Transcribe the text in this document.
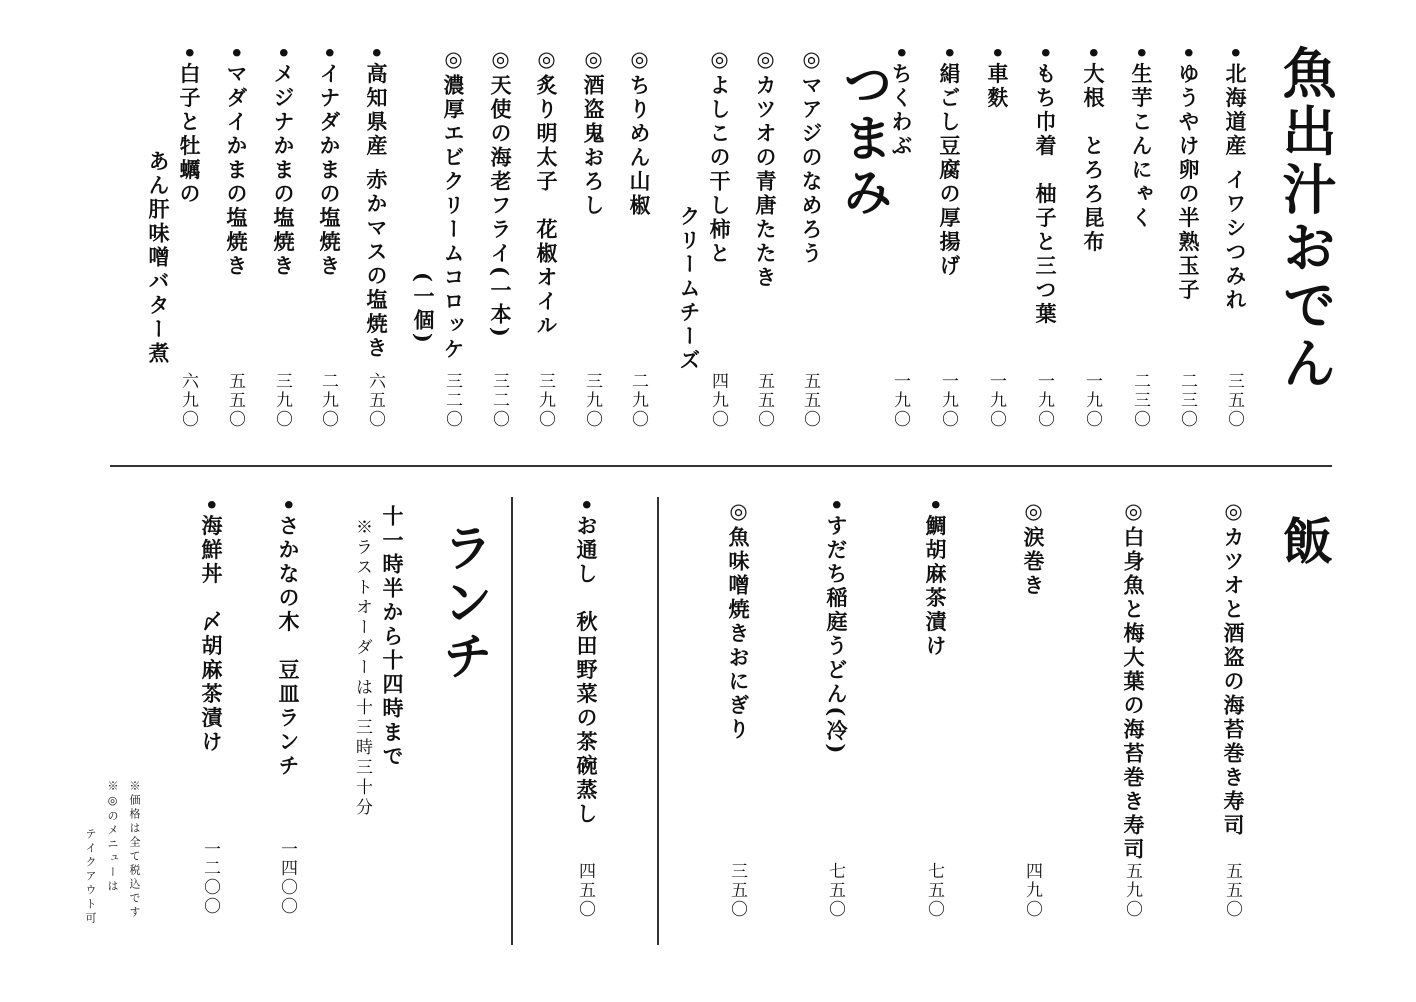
魚出汁おでん
つまみ
飯
ランチ
•北海道産 イワシつみれ
三五〇
•ゆうやけ卵の半熟玉子
二三〇
•生芋こんにゃく
二三〇
•大根　とろろ昆布
一九〇
•もち巾着　柚子と三つ葉
一九〇
•車麩
一九〇
•絹ごし豆腐の厚揚げ
一九〇
•ちくわぶ
一九〇
◎マアジのなめろう
五五〇
◎カツオの青唐たたき
五五〇
◎よしこの干し柿と
クリームチーズ
四九〇
◎ちりめん山椒
二九〇
◎酒盗鬼おろし
三九〇
◎炙り明太子　花椒オイル
三九〇
◎天使の海老フライ(一本)
三二〇
◎濃厚エビクリームコロッケ
(一個)
三二〇
•高知県産 赤かマスの塩焼き
六五〇
•イナダかまの塩焼き
二九〇
•メジナかまの塩焼き
三九〇
•マダイかまの塩焼き
五五〇
•白子と牡蠣の
あん肝味噌バター煮
六九〇
◎カツオと酒盗の海苔巻き寿司
五五〇
◎白身魚と梅大葉の海苔巻き寿司
五九〇
◎涙巻き
四九〇
•鯛胡麻茶漬け
七五〇
•すだち稲庭うどん(冷)
七五〇
◎魚味噌焼きおにぎり
三五〇
•お通し　秋田野菜の茶碗蒸し
四五〇
十一時半から十四時まで
※ラストオーダーは十三時三十分
•さかなの木　豆皿ランチ
一四〇〇
•海鮮丼　〆胡麻茶漬け
一二〇〇
※価格は全て税込です
※◎のメニューは
テイクアウト可
